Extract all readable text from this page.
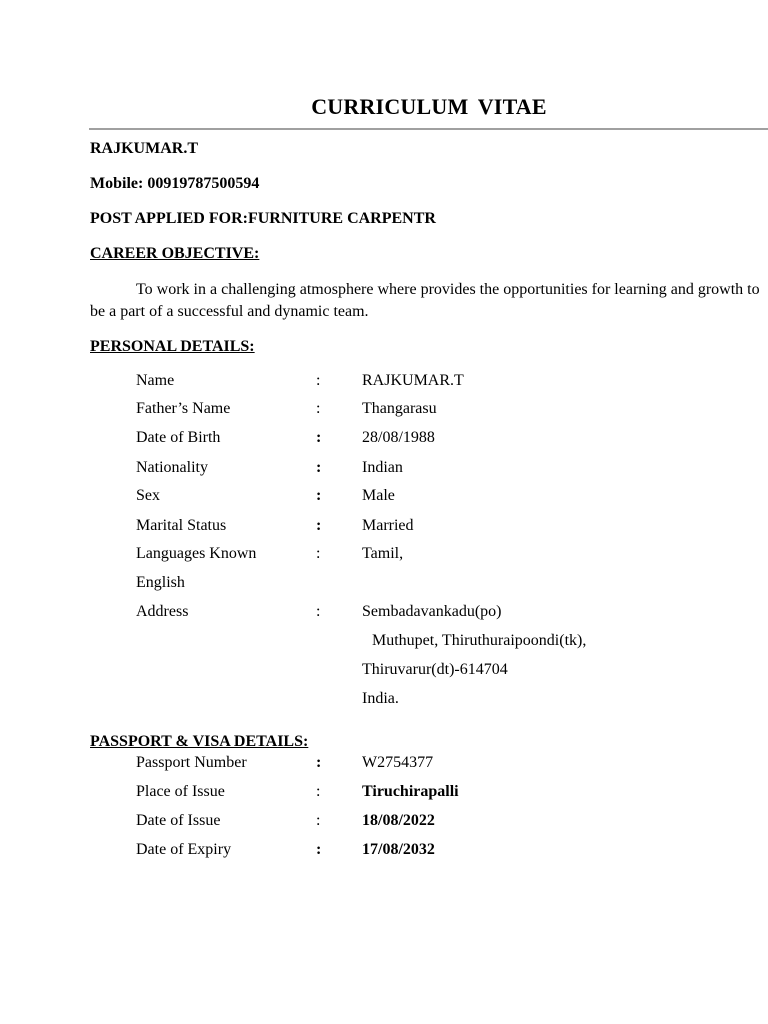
CURRICULUM VITAE
RAJKUMAR.T
Mobile: 00919787500594
POST APPLIED FOR:FURNITURE CARPENTR
CAREER OBJECTIVE:
To work in a challenging atmosphere where provides the opportunities for learning and growth to be a part of a successful and dynamic team.
PERSONAL DETAILS:
Name	:	RAJKUMAR.T
Father’s Name	:	Thangarasu
Date of Birth	:	28/08/1988
Nationality	:	Indian
Sex	:	Male
Marital Status	:	Married
Languages Known	:	Tamil,
English
Address	:	Sembadavankadu(po)
Muthupet, Thiruthuraipoondi(tk),
Thiruvarur(dt)-614704
India.
PASSPORT & VISA DETAILS:
Passport Number	:	W2754377
Place of Issue	:	Tiruchirapalli
Date of Issue	:	18/08/2022
Date of Expiry	:	17/08/2032
